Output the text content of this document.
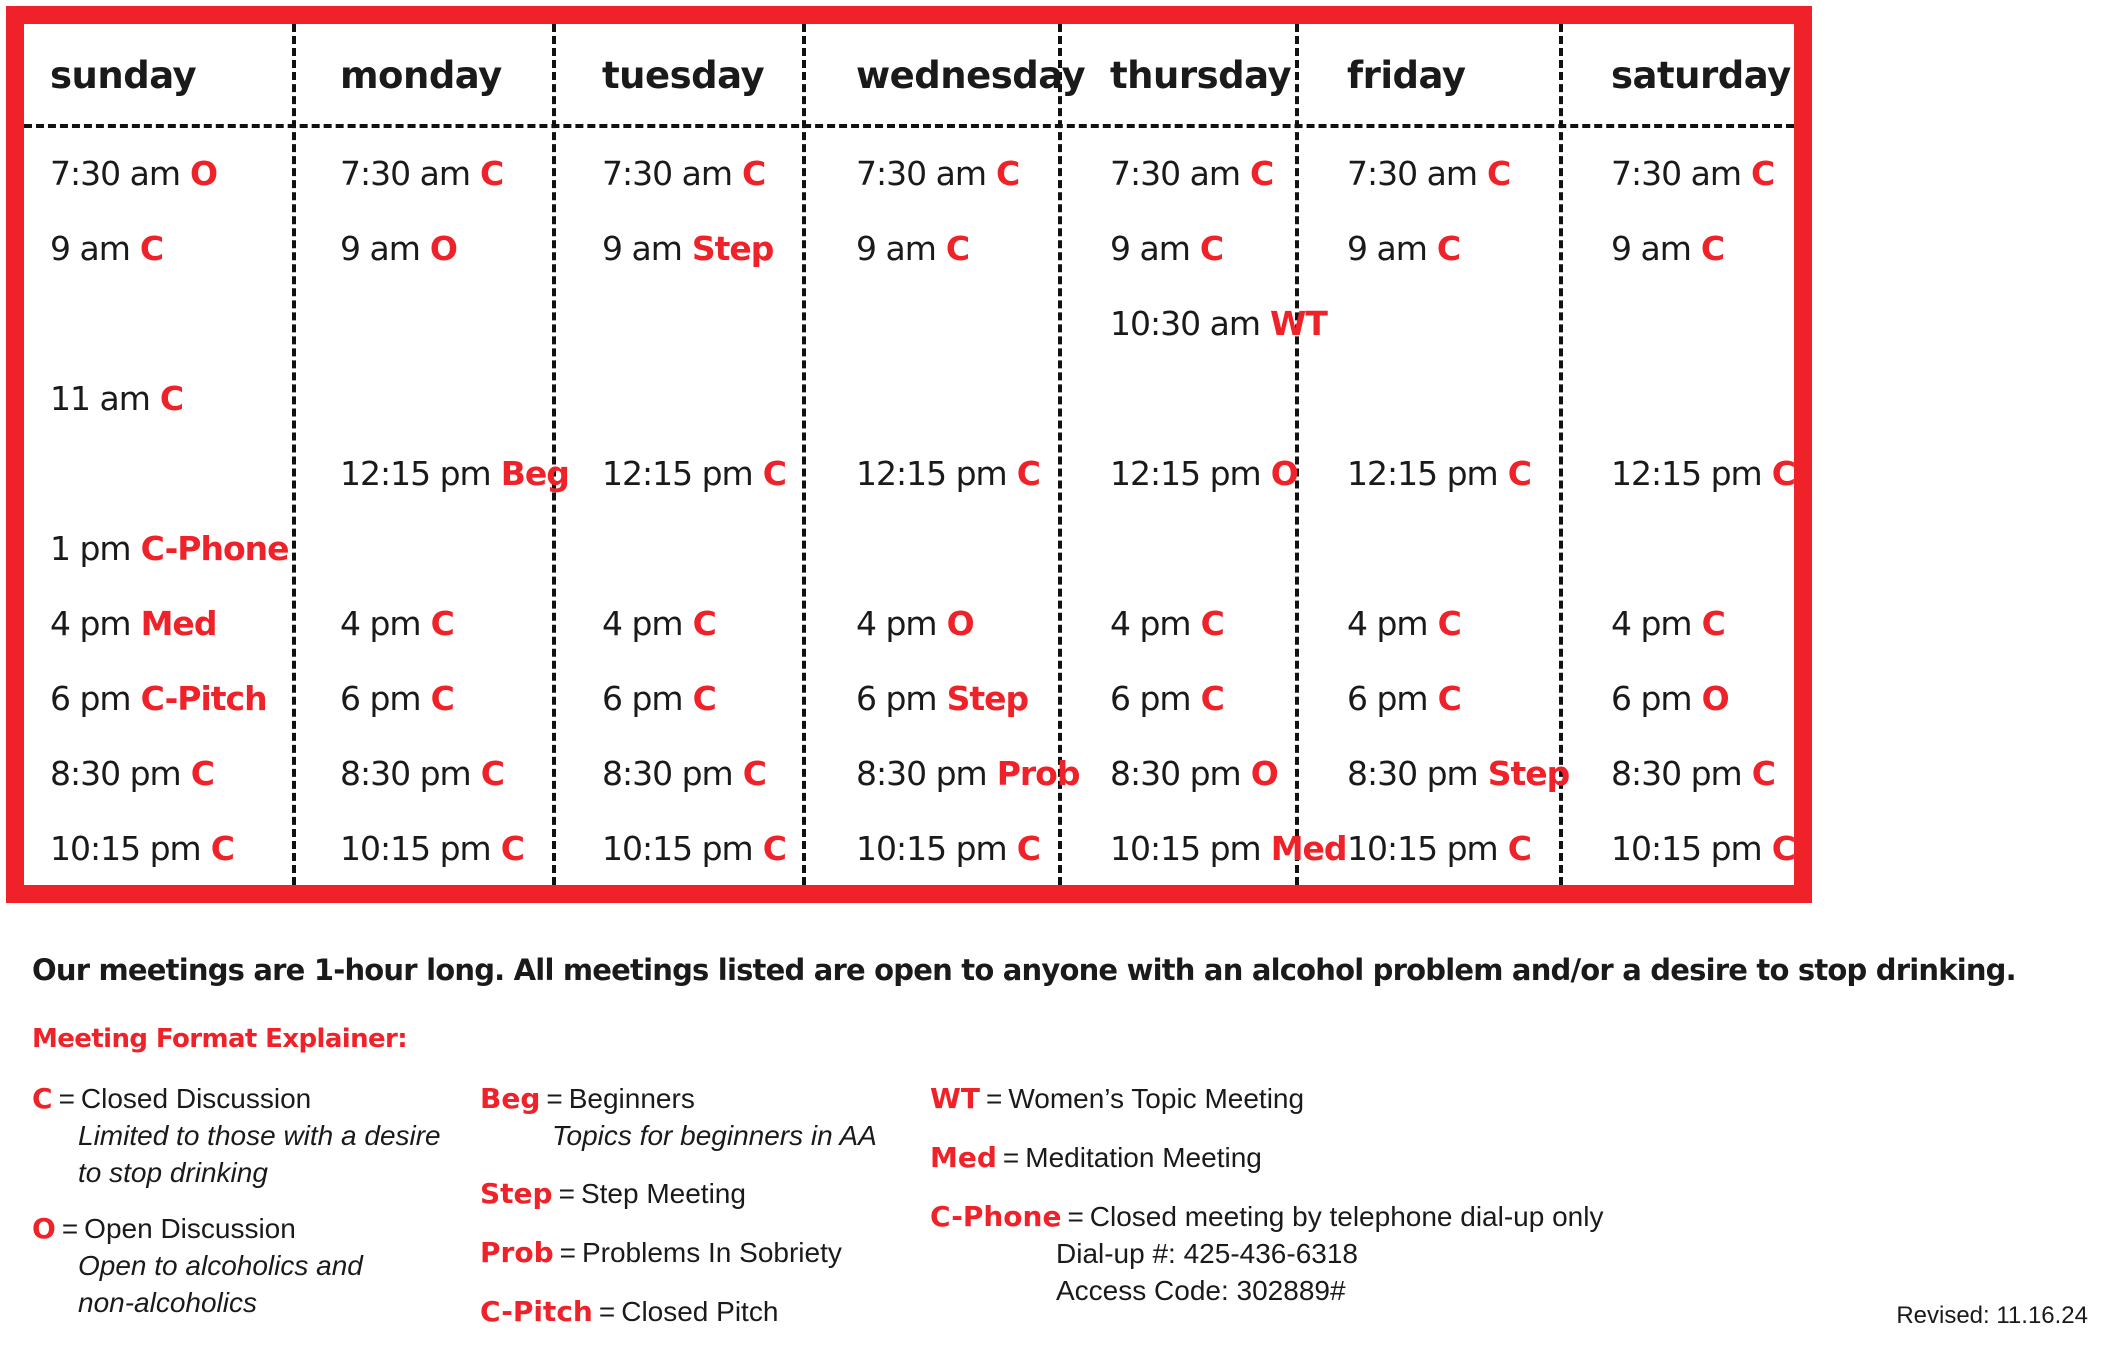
sunday
7:30 am O
9 am C
11 am C
1 pm C-Phone
4 pm Med
6 pm C-Pitch
8:30 pm C
10:15 pm C
monday
7:30 am C
9 am O
12:15 pm Beg
4 pm C
6 pm C
8:30 pm C
10:15 pm C
tuesday
7:30 am C
9 am Step
12:15 pm C
4 pm C
6 pm C
8:30 pm C
10:15 pm C
wednesday
7:30 am C
9 am C
12:15 pm C
4 pm O
6 pm Step
8:30 pm Prob
10:15 pm C
thursday
7:30 am C
9 am C
10:30 am WT
12:15 pm O
4 pm C
6 pm C
8:30 pm O
10:15 pm Med
friday
7:30 am C
9 am C
12:15 pm C
4 pm C
6 pm C
8:30 pm Step
10:15 pm C
saturday
7:30 am C
9 am C
12:15 pm C
4 pm C
6 pm O
8:30 pm C
10:15 pm C
Our meetings are 1-hour long. All meetings listed are open to anyone with an alcohol problem and/or a desire to stop drinking.
Meeting Format Explainer:
C = Closed Discussion
Limited to those with a desire
to stop drinking
O = Open Discussion
Open to alcoholics and
non-alcoholics
Beg = Beginners
Topics for beginners in AA
Step = Step Meeting
Prob = Problems In Sobriety
C-Pitch = Closed Pitch
WT = Women’s Topic Meeting
Med = Meditation Meeting
C-Phone = Closed meeting by telephone dial-up only
Dial-up #: 425-436-6318
Access Code: 302889#
Revised: 11.16.24
